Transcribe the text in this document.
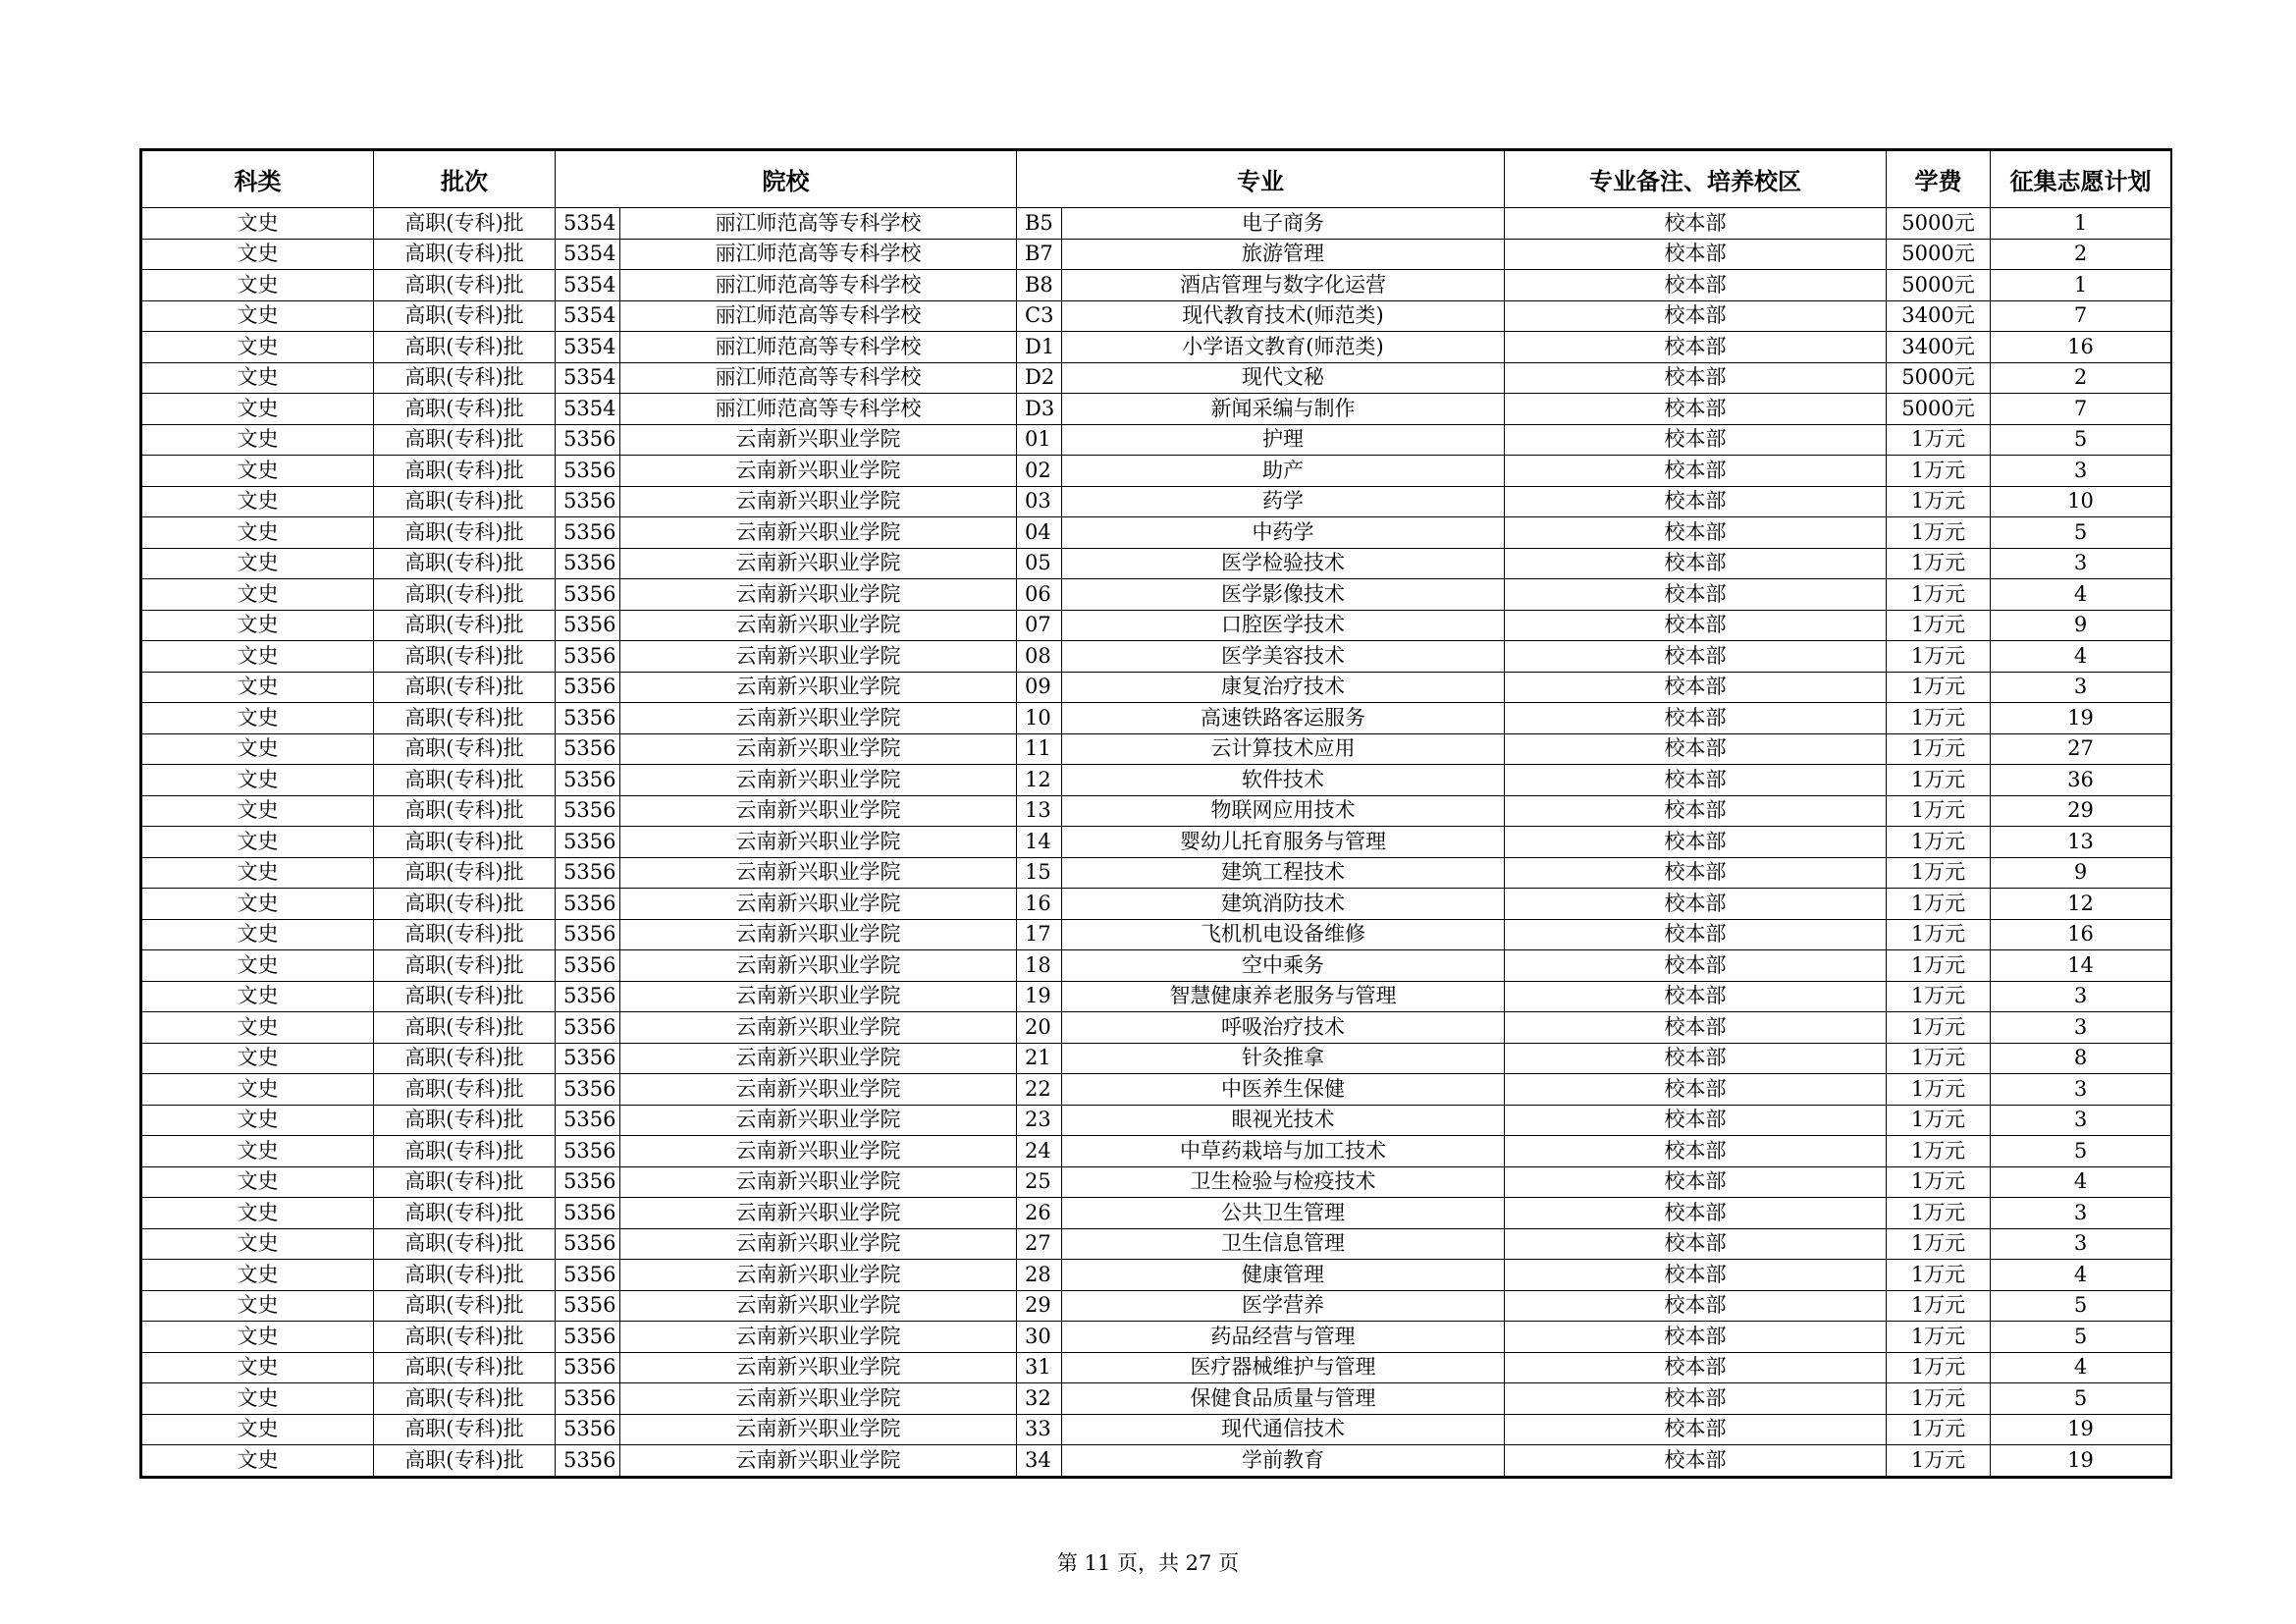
科类	批次	院校		专业		专业备注、培养校区	学费	征集志愿计划
文史	高职(专科)批	5354	丽江师范高等专科学校	B5	电子商务	校本部	5000元	1
文史	高职(专科)批	5354	丽江师范高等专科学校	B7	旅游管理	校本部	5000元	2
文史	高职(专科)批	5354	丽江师范高等专科学校	B8	酒店管理与数字化运营	校本部	5000元	1
文史	高职(专科)批	5354	丽江师范高等专科学校	C3	现代教育技术(师范类)	校本部	3400元	7
文史	高职(专科)批	5354	丽江师范高等专科学校	D1	小学语文教育(师范类)	校本部	3400元	16
文史	高职(专科)批	5354	丽江师范高等专科学校	D2	现代文秘	校本部	5000元	2
文史	高职(专科)批	5354	丽江师范高等专科学校	D3	新闻采编与制作	校本部	5000元	7
文史	高职(专科)批	5356	云南新兴职业学院	01	护理	校本部	1万元	5
文史	高职(专科)批	5356	云南新兴职业学院	02	助产	校本部	1万元	3
文史	高职(专科)批	5356	云南新兴职业学院	03	药学	校本部	1万元	10
文史	高职(专科)批	5356	云南新兴职业学院	04	中药学	校本部	1万元	5
文史	高职(专科)批	5356	云南新兴职业学院	05	医学检验技术	校本部	1万元	3
文史	高职(专科)批	5356	云南新兴职业学院	06	医学影像技术	校本部	1万元	4
文史	高职(专科)批	5356	云南新兴职业学院	07	口腔医学技术	校本部	1万元	9
文史	高职(专科)批	5356	云南新兴职业学院	08	医学美容技术	校本部	1万元	4
文史	高职(专科)批	5356	云南新兴职业学院	09	康复治疗技术	校本部	1万元	3
文史	高职(专科)批	5356	云南新兴职业学院	10	高速铁路客运服务	校本部	1万元	19
文史	高职(专科)批	5356	云南新兴职业学院	11	云计算技术应用	校本部	1万元	27
文史	高职(专科)批	5356	云南新兴职业学院	12	软件技术	校本部	1万元	36
文史	高职(专科)批	5356	云南新兴职业学院	13	物联网应用技术	校本部	1万元	29
文史	高职(专科)批	5356	云南新兴职业学院	14	婴幼儿托育服务与管理	校本部	1万元	13
文史	高职(专科)批	5356	云南新兴职业学院	15	建筑工程技术	校本部	1万元	9
文史	高职(专科)批	5356	云南新兴职业学院	16	建筑消防技术	校本部	1万元	12
文史	高职(专科)批	5356	云南新兴职业学院	17	飞机机电设备维修	校本部	1万元	16
文史	高职(专科)批	5356	云南新兴职业学院	18	空中乘务	校本部	1万元	14
文史	高职(专科)批	5356	云南新兴职业学院	19	智慧健康养老服务与管理	校本部	1万元	3
文史	高职(专科)批	5356	云南新兴职业学院	20	呼吸治疗技术	校本部	1万元	3
文史	高职(专科)批	5356	云南新兴职业学院	21	针灸推拿	校本部	1万元	8
文史	高职(专科)批	5356	云南新兴职业学院	22	中医养生保健	校本部	1万元	3
文史	高职(专科)批	5356	云南新兴职业学院	23	眼视光技术	校本部	1万元	3
文史	高职(专科)批	5356	云南新兴职业学院	24	中草药栽培与加工技术	校本部	1万元	5
文史	高职(专科)批	5356	云南新兴职业学院	25	卫生检验与检疫技术	校本部	1万元	4
文史	高职(专科)批	5356	云南新兴职业学院	26	公共卫生管理	校本部	1万元	3
文史	高职(专科)批	5356	云南新兴职业学院	27	卫生信息管理	校本部	1万元	3
文史	高职(专科)批	5356	云南新兴职业学院	28	健康管理	校本部	1万元	4
文史	高职(专科)批	5356	云南新兴职业学院	29	医学营养	校本部	1万元	5
文史	高职(专科)批	5356	云南新兴职业学院	30	药品经营与管理	校本部	1万元	5
文史	高职(专科)批	5356	云南新兴职业学院	31	医疗器械维护与管理	校本部	1万元	4
文史	高职(专科)批	5356	云南新兴职业学院	32	保健食品质量与管理	校本部	1万元	5
文史	高职(专科)批	5356	云南新兴职业学院	33	现代通信技术	校本部	1万元	19
文史	高职(专科)批	5356	云南新兴职业学院	34	学前教育	校本部	1万元	19
第 11 页，共 27 页
